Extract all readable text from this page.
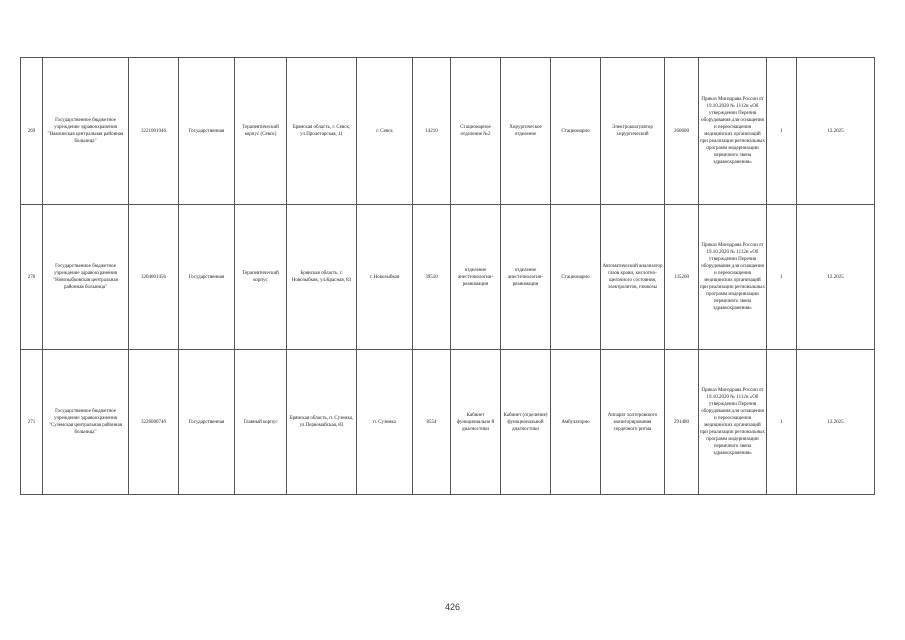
269	Государственное бюджетное учреждение здравоохранения "Навлинская центральная районная больница"	3221001946	Государственная	Терапевтический корпус (Севск)	Брянская область, г. Севск, ул.Пролетарская, 11	г. Севск	14210	Стационарное отделение №2	Хирургическое отделение	Стационарно	Электрокоагулятор хирургический	260600	Приказ Минздрава России от 19.10.2020 № 1112н «Об утверждении Перечня оборудования для оснащения и переоснащения медицинских организаций при реализации региональных программ модернизации первичного звена здравоохранения»	1	12.2025
270	Государственное бюджетное учреждение здравоохранения "Новозыбковская центральная районная больница"	3204001456	Государственная	Терапевтический корпус	Брянская область, г. Новозыбков, ул.Красная, 83	г. Новозыбков	39510	отделение анестезиологии-реанимации	отделение анестезиологии-реанимации	Стационарно	Автоматический анализатор газов крови, кислотно-щелочного состояния, электролитов, глюкозы	135260	Приказ Минздрава России от 19.10.2020 № 1112н «Об утверждении Перечня оборудования для оснащения и переоснащения медицинских организаций при реализации региональных программ модернизации первичного звена здравоохранения»	1	12.2025
271	Государственное бюджетное учреждение здравоохранения "Суземская центральная районная больница"	3226000740	Государственная	Главный корпус	Брянская область, п. Суземка, ул.Первомайская, 83	п. Суземка	8554	Кабинет функционально й диагностики	Кабинет (отделение) функциональной диагностики	Амбулаторно	Аппарат холтеровского мониторирования сердечного ритма	291480	Приказ Минздрава России от 19.10.2020 № 1112н «Об утверждении Перечня оборудования для оснащения и переоснащения медицинских организаций при реализации региональных программ модернизации первичного звена здравоохранения»	1	12.2025
426
